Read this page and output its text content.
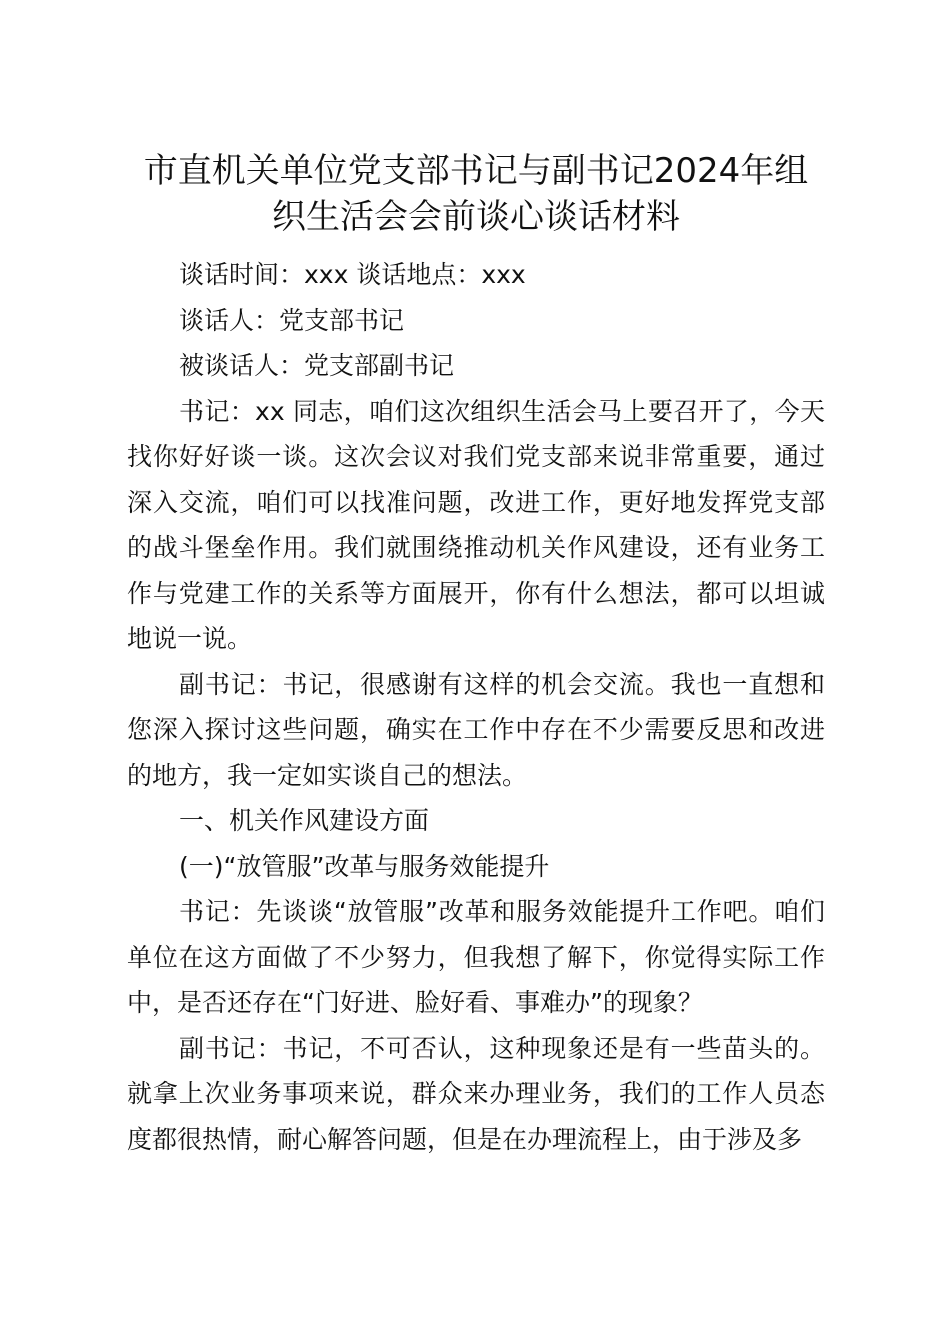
市直机关单位党支部书记与副书记2024年组
织生活会会前谈心谈话材料

谈话时间：xxx 谈话地点：xxx

谈话人：党支部书记

被谈话人：党支部副书记

书记：xx 同志，咱们这次组织生活会马上要召开了，今天找你好好谈一谈。这次会议对我们党支部来说非常重要，通过深入交流，咱们可以找准问题，改进工作，更好地发挥党支部的战斗堡垒作用。我们就围绕推动机关作风建设，还有业务工作与党建工作的关系等方面展开，你有什么想法，都可以坦诚地说一说。

副书记：书记，很感谢有这样的机会交流。我也一直想和您深入探讨这些问题，确实在工作中存在不少需要反思和改进的地方，我一定如实谈自己的想法。

一、机关作风建设方面

(一)“放管服”改革与服务效能提升

书记：先谈谈“放管服”改革和服务效能提升工作吧。咱们单位在这方面做了不少努力，但我想了解下，你觉得实际工作中，是否还存在“门好进、脸好看、事难办”的现象？

副书记：书记，不可否认，这种现象还是有一些苗头的。就拿上次业务事项来说，群众来办理业务，我们的工作人员态度都很热情，耐心解答问题，但是在办理流程上，由于涉及多
